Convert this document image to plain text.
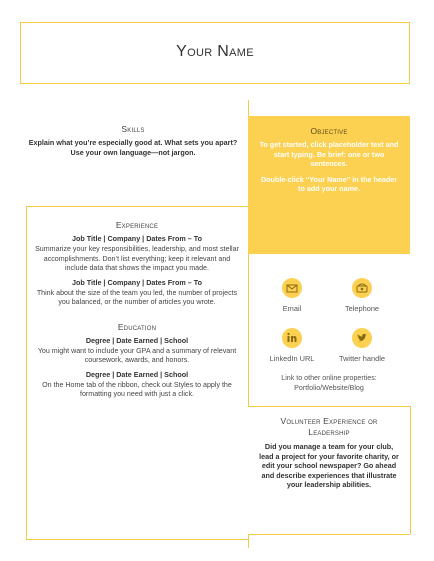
Your Name
Skills
Explain what you’re especially good at. What sets you apart? Use your own language—not jargon.
Objective

To get started, click placeholder text and start typing. Be brief: one or two sentences.

Double-click “Your Name” in the header to add your name.

Experience
Job Title | Company | Dates From – To

Summarize your key responsibilities, leadership, and most stellar accomplishments. Don’t list everything; keep it relevant and include data that shows the impact you made.

Job Title | Company | Dates From – To

Think about the size of the team you led, the number of projects you balanced, or the number of articles you wrote.

Education
Degree | Date Earned | School

You might want to include your GPA and a summary of relevant coursework, awards, and honors.

Degree | Date Earned | School

On the Home tab of the ribbon, check out Styles to apply the formatting you need with just a click.

Email	Telephone
LinkedIn URL	Twitter handle
Link to other online properties: Portfolio/Website/Blog
Volunteer Experience or Leadership
Did you manage a team for your club, lead a project for your favorite charity, or edit your school newspaper? Go ahead and describe experiences that illustrate your leadership abilities.
